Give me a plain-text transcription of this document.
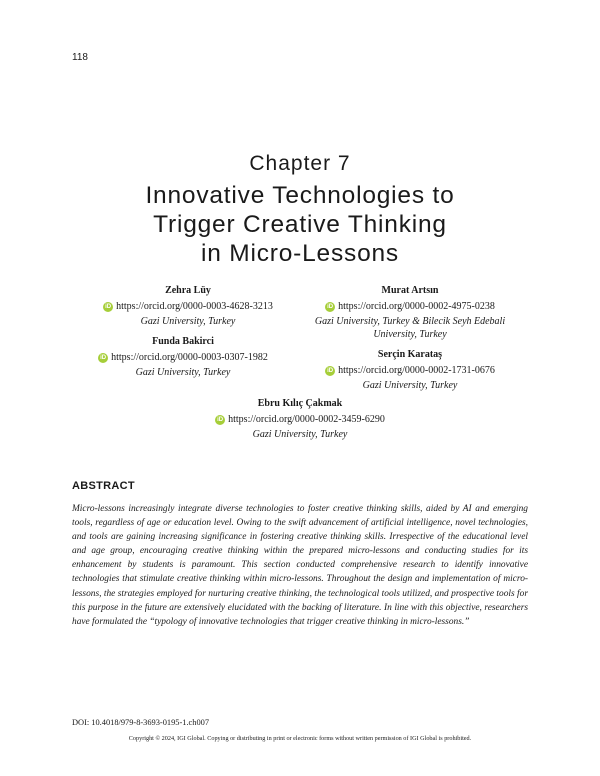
118
Chapter 7
Innovative Technologies to
Trigger Creative Thinking
in Micro-Lessons
Zehra Lüy
iD https://orcid.org/0000-0003-4628-3213
Gazi University, Turkey
Murat Artsın
iD https://orcid.org/0000-0002-4975-0238
Gazi University, Turkey & Bilecik Seyh Edebali
University, Turkey
Funda Bakirci
iD https://orcid.org/0000-0003-0307-1982
Gazi University, Turkey
Serçin Karataş
iD https://orcid.org/0000-0002-1731-0676
Gazi University, Turkey
Ebru Kılıç Çakmak
iD https://orcid.org/0000-0002-3459-6290
Gazi University, Turkey
ABSTRACT
Micro-lessons increasingly integrate diverse technologies to foster creative thinking skills, aided by AI and emerging tools, regardless of age or education level. Owing to the swift advancement of artificial intelligence, novel technologies, and tools are gaining increasing significance in fostering creative thinking skills. Irrespective of the educational level and age group, encouraging creative thinking within the prepared micro-lessons and conducting studies for its enhancement by students is paramount. This section conducted comprehensive research to identify innovative technologies that stimulate creative thinking within micro-lessons. Throughout the design and implementation of micro-lessons, the strategies employed for nurturing creative thinking, the technological tools utilized, and prospective tools for this purpose in the future are extensively elucidated with the backing of literature. In line with this objective, researchers have formulated the “typology of innovative technologies that trigger creative thinking in micro-lessons.”
DOI: 10.4018/979-8-3693-0195-1.ch007
Copyright © 2024, IGI Global. Copying or distributing in print or electronic forms without written permission of IGI Global is prohibited.
